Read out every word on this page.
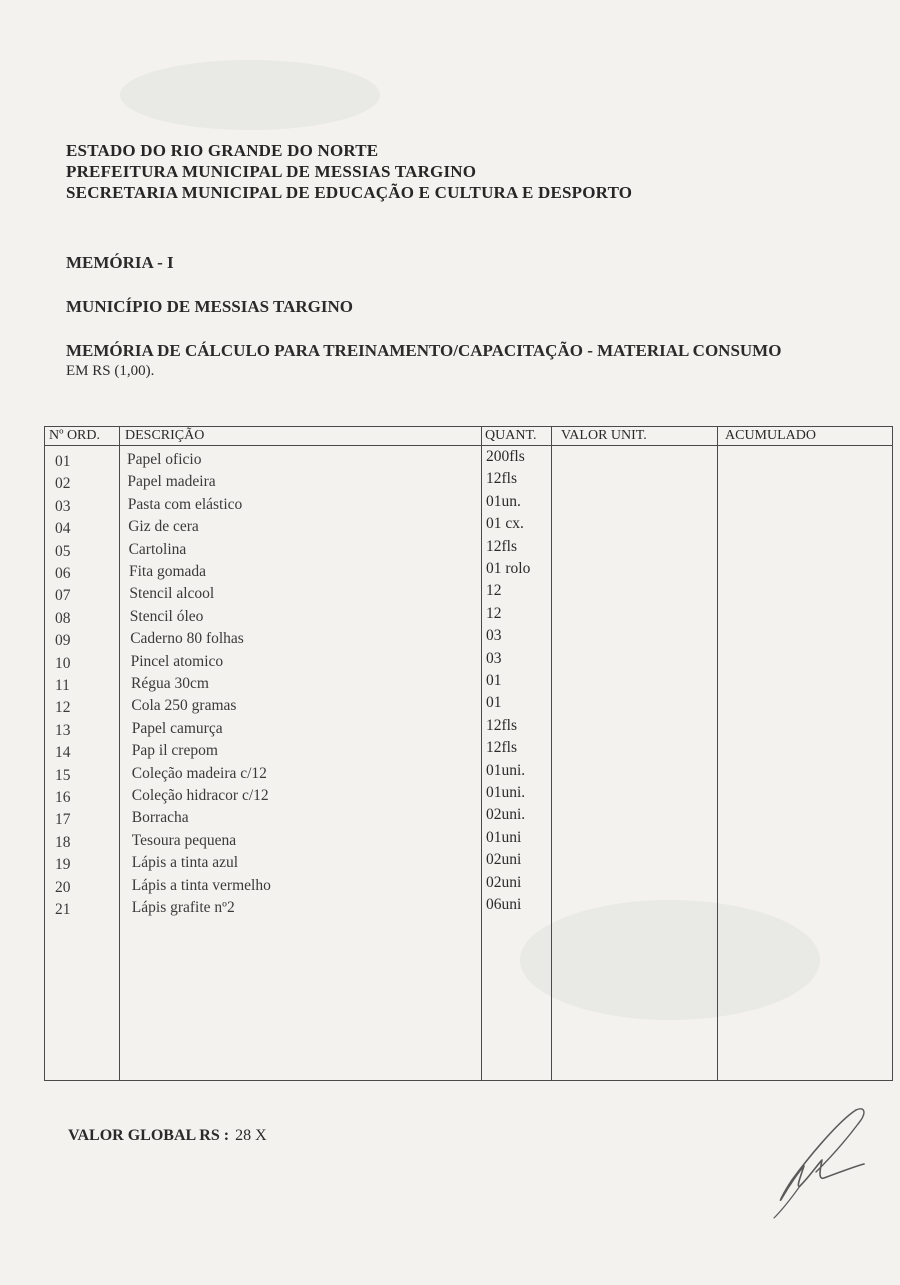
ESTADO DO RIO GRANDE DO NORTE
PREFEITURA MUNICIPAL DE MESSIAS TARGINO
SECRETARIA MUNICIPAL DE EDUCAÇÃO E CULTURA E DESPORTO
MEMÓRIA - I
MUNICÍPIO DE MESSIAS TARGINO
MEMÓRIA DE CÁLCULO PARA TREINAMENTO/CAPACITAÇÃO - MATERIAL CONSUMO
EM RS (1,00).
Nº ORD. DESCRIÇÃO	QUANT. VALOR UNIT.	ACUMULADO
01	Papel oficio	200fls
02	Papel madeira	12fls
03	Pasta com elástico	01un.
04	Giz de cera	01 cx.
05	Cartolina	12fls
06	Fita gomada	01 rolo
07	Stencil alcool	12
08	Stencil óleo	12
09	Caderno 80 folhas	03
10	Pincel atomico	03
11	Régua 30cm	01
12	Cola 250 gramas	01
13	Papel camurça	12fls
14	Pap il crepom	12fls
15	Coleção madeira c/12	01uni.
16	Coleção hidracor c/12	01uni.
17	Borracha	02uni.
18	Tesoura pequena	01uni
19	Lápis a tinta azul	02uni
20	Lápis a tinta vermelho	02uni
21	Lápis grafite nº2	06uni
VALOR GLOBAL RS : 28 X
